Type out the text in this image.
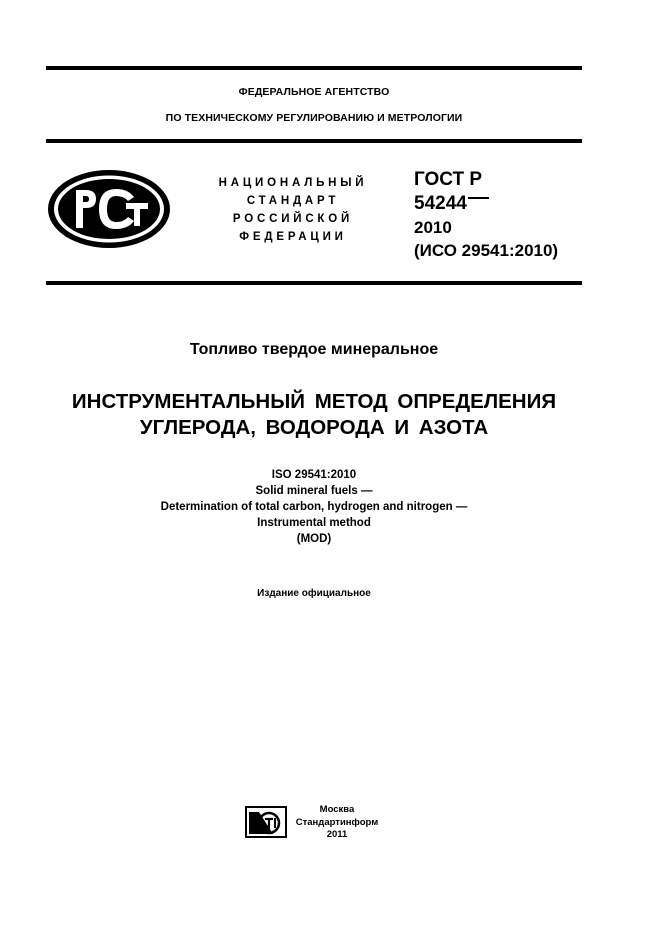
ФЕДЕРАЛЬНОЕ АГЕНТСТВО
ПО ТЕХНИЧЕСКОМУ РЕГУЛИРОВАНИЮ И МЕТРОЛОГИИ
НАЦИОНАЛЬНЫЙ
СТАНДАРТ
РОССИЙСКОЙ
ФЕДЕРАЦИИ
ГОСТ Р
54244
2010
(ИСО 29541:2010)
Топливо твердое минеральное
ИНСТРУМЕНТАЛЬНЫЙ МЕТОД ОПРЕДЕЛЕНИЯ
УГЛЕРОДА, ВОДОРОДА И АЗОТА
ISO 29541:2010
Solid mineral fuels —
Determination of total carbon, hydrogen and nitrogen —
Instrumental method
(MOD)
Издание официальное
Москва
Стандартинформ
2011
